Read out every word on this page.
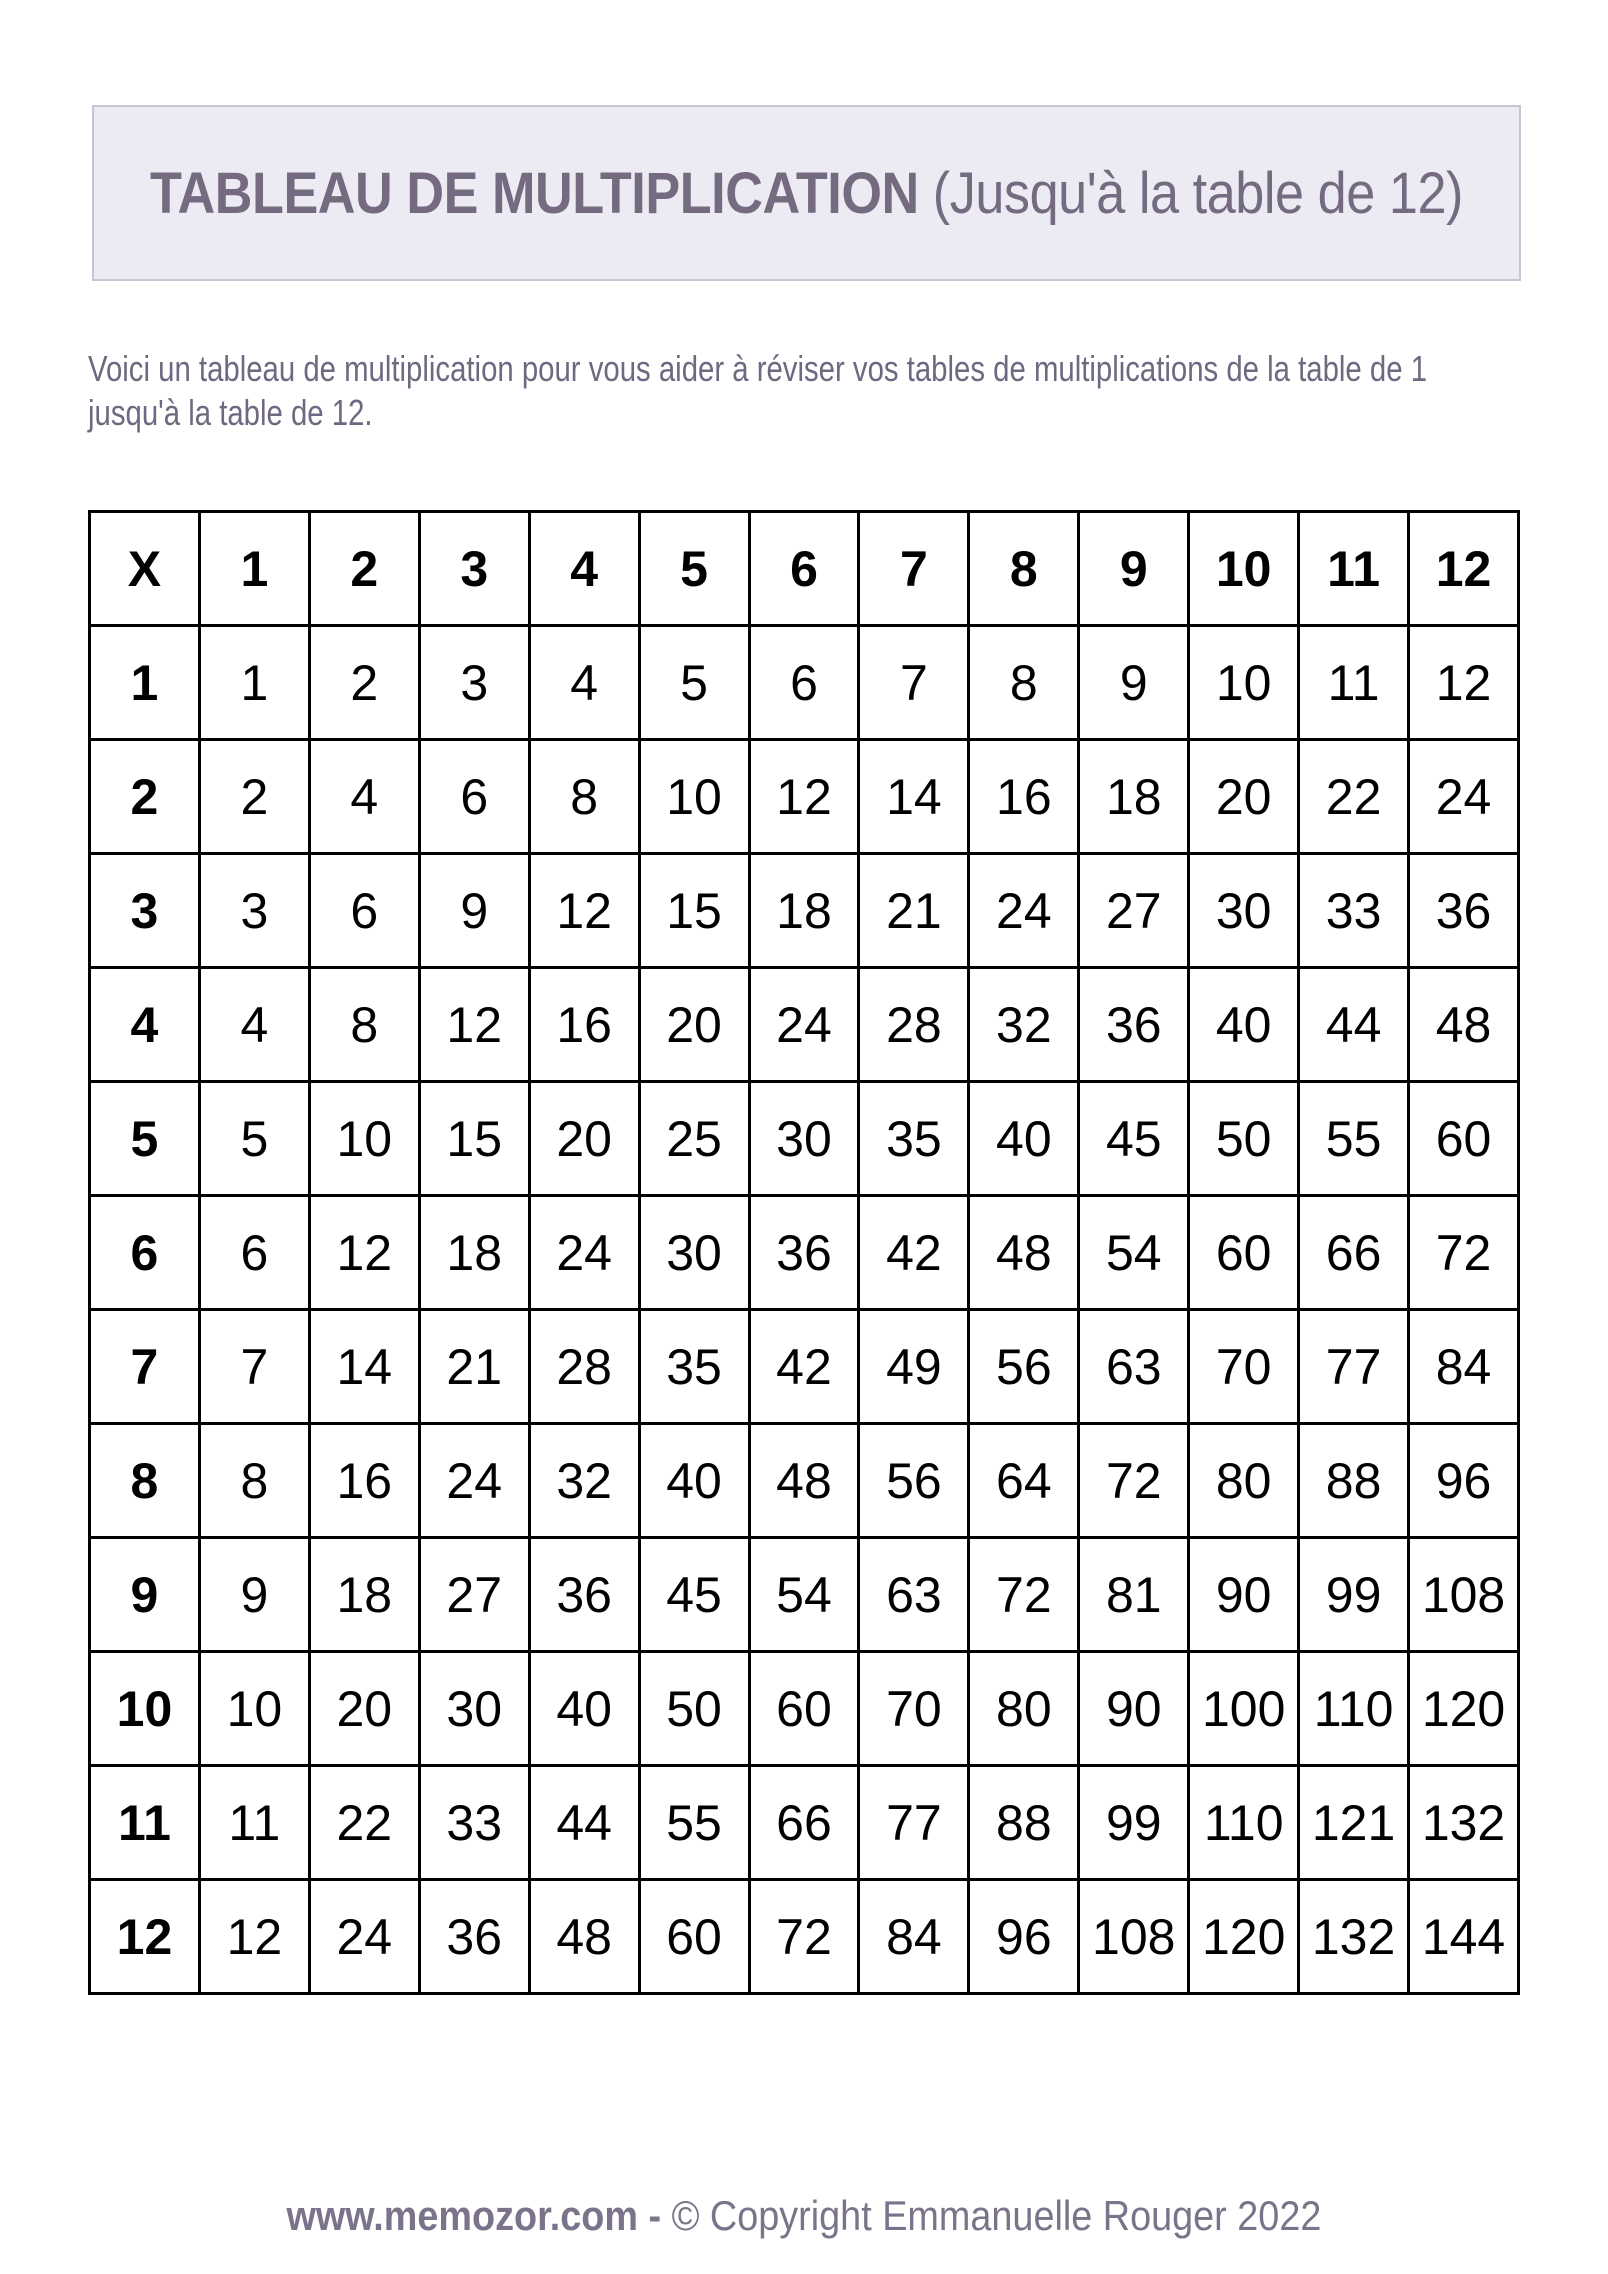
TABLEAU DE MULTIPLICATION (Jusqu'à la table de 12)

Voici un tableau de multiplication pour vous aider à réviser vos tables de multiplications de la table de 1 jusqu'à la table de 12.

X	1	2	3	4	5	6	7	8	9	10	11	12
1	1	2	3	4	5	6	7	8	9	10	11	12
2	2	4	6	8	10	12	14	16	18	20	22	24
3	3	6	9	12	15	18	21	24	27	30	33	36
4	4	8	12	16	20	24	28	32	36	40	44	48
5	5	10	15	20	25	30	35	40	45	50	55	60
6	6	12	18	24	30	36	42	48	54	60	66	72
7	7	14	21	28	35	42	49	56	63	70	77	84
8	8	16	24	32	40	48	56	64	72	80	88	96
9	9	18	27	36	45	54	63	72	81	90	99	108
10	10	20	30	40	50	60	70	80	90	100	110	120
11	11	22	33	44	55	66	77	88	99	110	121	132
12	12	24	36	48	60	72	84	96	108	120	132	144
www.memozor.com - © Copyright Emmanuelle Rouger 2022
